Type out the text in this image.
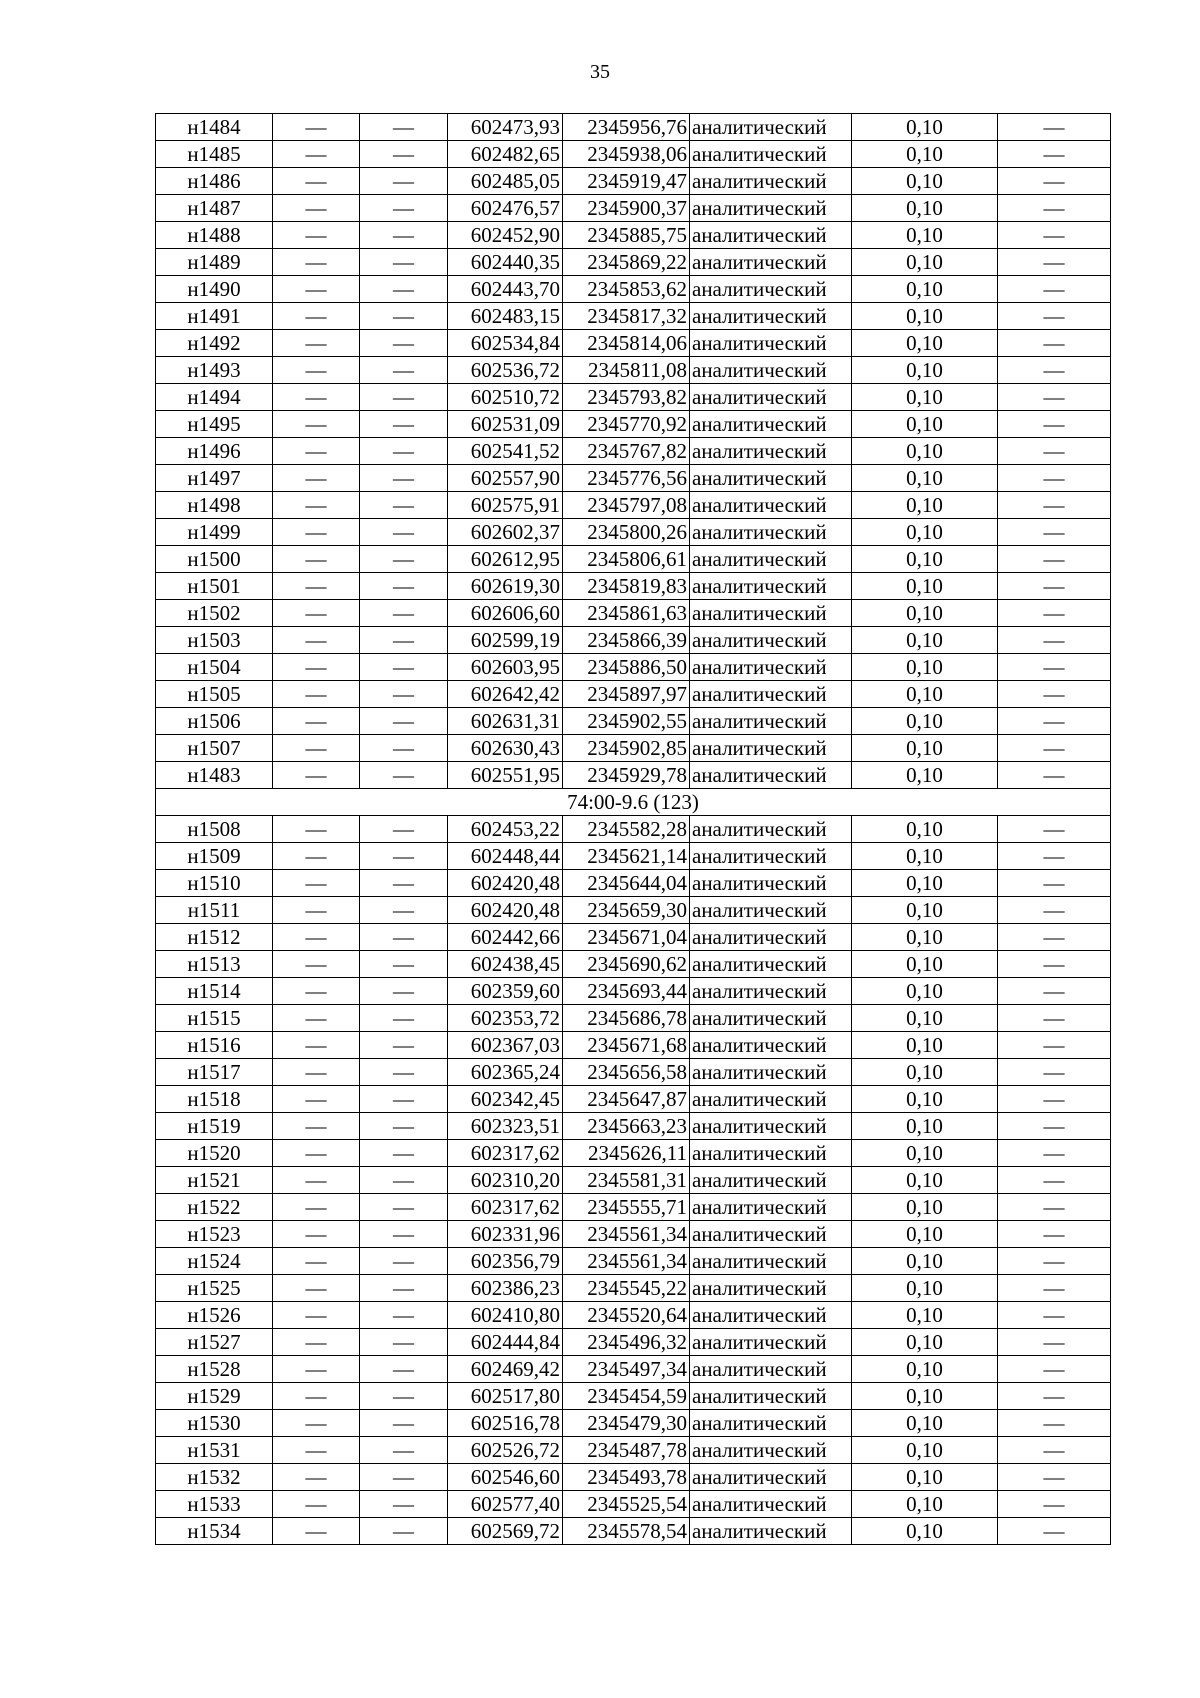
35
н1484	—	—	602473,93	2345956,76	аналитический	0,10	—
н1485	—	—	602482,65	2345938,06	аналитический	0,10	—
н1486	—	—	602485,05	2345919,47	аналитический	0,10	—
н1487	—	—	602476,57	2345900,37	аналитический	0,10	—
н1488	—	—	602452,90	2345885,75	аналитический	0,10	—
н1489	—	—	602440,35	2345869,22	аналитический	0,10	—
н1490	—	—	602443,70	2345853,62	аналитический	0,10	—
н1491	—	—	602483,15	2345817,32	аналитический	0,10	—
н1492	—	—	602534,84	2345814,06	аналитический	0,10	—
н1493	—	—	602536,72	2345811,08	аналитический	0,10	—
н1494	—	—	602510,72	2345793,82	аналитический	0,10	—
н1495	—	—	602531,09	2345770,92	аналитический	0,10	—
н1496	—	—	602541,52	2345767,82	аналитический	0,10	—
н1497	—	—	602557,90	2345776,56	аналитический	0,10	—
н1498	—	—	602575,91	2345797,08	аналитический	0,10	—
н1499	—	—	602602,37	2345800,26	аналитический	0,10	—
н1500	—	—	602612,95	2345806,61	аналитический	0,10	—
н1501	—	—	602619,30	2345819,83	аналитический	0,10	—
н1502	—	—	602606,60	2345861,63	аналитический	0,10	—
н1503	—	—	602599,19	2345866,39	аналитический	0,10	—
н1504	—	—	602603,95	2345886,50	аналитический	0,10	—
н1505	—	—	602642,42	2345897,97	аналитический	0,10	—
н1506	—	—	602631,31	2345902,55	аналитический	0,10	—
н1507	—	—	602630,43	2345902,85	аналитический	0,10	—
н1483	—	—	602551,95	2345929,78	аналитический	0,10	—
74:00-9.6 (123)							
н1508	—	—	602453,22	2345582,28	аналитический	0,10	—
н1509	—	—	602448,44	2345621,14	аналитический	0,10	—
н1510	—	—	602420,48	2345644,04	аналитический	0,10	—
н1511	—	—	602420,48	2345659,30	аналитический	0,10	—
н1512	—	—	602442,66	2345671,04	аналитический	0,10	—
н1513	—	—	602438,45	2345690,62	аналитический	0,10	—
н1514	—	—	602359,60	2345693,44	аналитический	0,10	—
н1515	—	—	602353,72	2345686,78	аналитический	0,10	—
н1516	—	—	602367,03	2345671,68	аналитический	0,10	—
н1517	—	—	602365,24	2345656,58	аналитический	0,10	—
н1518	—	—	602342,45	2345647,87	аналитический	0,10	—
н1519	—	—	602323,51	2345663,23	аналитический	0,10	—
н1520	—	—	602317,62	2345626,11	аналитический	0,10	—
н1521	—	—	602310,20	2345581,31	аналитический	0,10	—
н1522	—	—	602317,62	2345555,71	аналитический	0,10	—
н1523	—	—	602331,96	2345561,34	аналитический	0,10	—
н1524	—	—	602356,79	2345561,34	аналитический	0,10	—
н1525	—	—	602386,23	2345545,22	аналитический	0,10	—
н1526	—	—	602410,80	2345520,64	аналитический	0,10	—
н1527	—	—	602444,84	2345496,32	аналитический	0,10	—
н1528	—	—	602469,42	2345497,34	аналитический	0,10	—
н1529	—	—	602517,80	2345454,59	аналитический	0,10	—
н1530	—	—	602516,78	2345479,30	аналитический	0,10	—
н1531	—	—	602526,72	2345487,78	аналитический	0,10	—
н1532	—	—	602546,60	2345493,78	аналитический	0,10	—
н1533	—	—	602577,40	2345525,54	аналитический	0,10	—
н1534	—	—	602569,72	2345578,54	аналитический	0,10	—
